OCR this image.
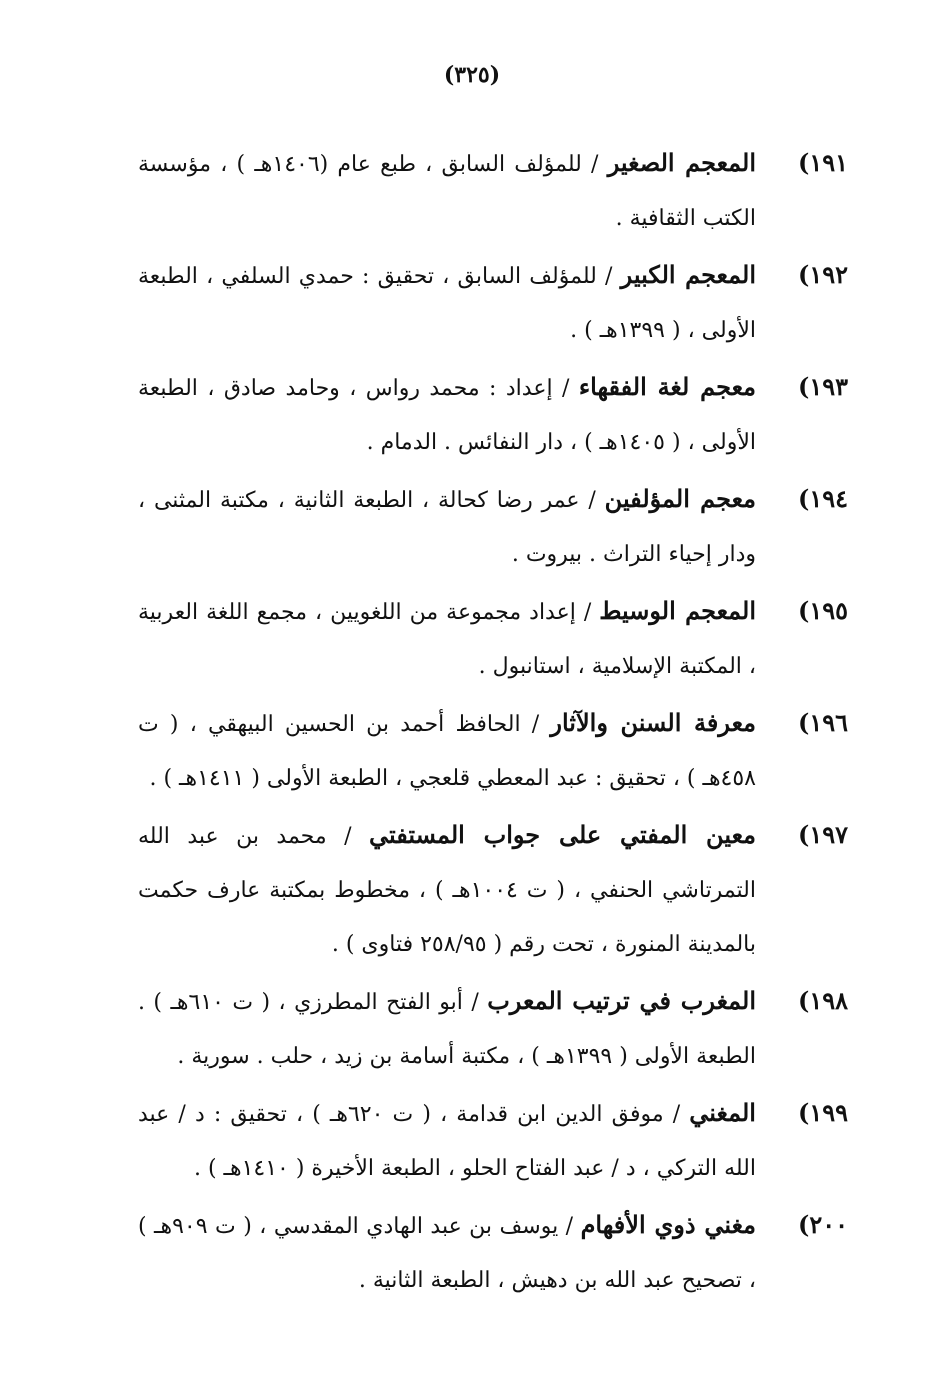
(٣٢٥)
١٩١)
المعجم الصغير / للمؤلف السابق ، طبع عام (١٤٠٦هـ ) ، مؤسسة الكتب الثقافية .
١٩٢)
المعجم الكبير / للمؤلف السابق ، تحقيق : حمدي السلفي ، الطبعة الأولى ، ( ١٣٩٩هـ ) .
١٩٣)
معجم لغة الفقهاء / إعداد : محمد رواس ، وحامد صادق ، الطبعة الأولى ، ( ١٤٠٥هـ ) ، دار النفائس . الدمام .
١٩٤)
معجم المؤلفين / عمر رضا كحالة ، الطبعة الثانية ، مكتبة المثنى ، ودار إحياء التراث . بيروت .
١٩٥)
المعجم الوسيط / إعداد مجموعة من اللغويين ، مجمع اللغة العربية ، المكتبة الإسلامية ، استانبول .
١٩٦)
معرفة السنن والآثار / الحافظ أحمد بن الحسين البيهقي ، ( ت ٤٥٨هـ ) ، تحقيق : عبد المعطي قلعجي ، الطبعة الأولى ( ١٤١١هـ ) .
١٩٧)
معين المفتي على جواب المستفتي / محمد بن عبد الله التمرتاشي الحنفي ، ( ت ١٠٠٤هـ ) ، مخطوط بمكتبة عارف حكمت بالمدينة المنورة ، تحت رقم ( ٢٥٨/٩٥ فتاوى ) .
١٩٨)
المغرب في ترتيب المعرب / أبو الفتح المطرزي ، ( ت ٦١٠هـ ) . الطبعة الأولى ( ١٣٩٩هـ ) ، مكتبة أسامة بن زيد ، حلب . سورية .
١٩٩)
المغني / موفق الدين ابن قدامة ، ( ت ٦٢٠هـ ) ، تحقيق : د / عبد الله التركي ، د / عبد الفتاح الحلو ، الطبعة الأخيرة ( ١٤١٠هـ ) .
٢٠٠)
مغني ذوي الأفهام / يوسف بن عبد الهادي المقدسي ، ( ت ٩٠٩هـ ) ، تصحيح عبد الله بن دهيش ، الطبعة الثانية .
